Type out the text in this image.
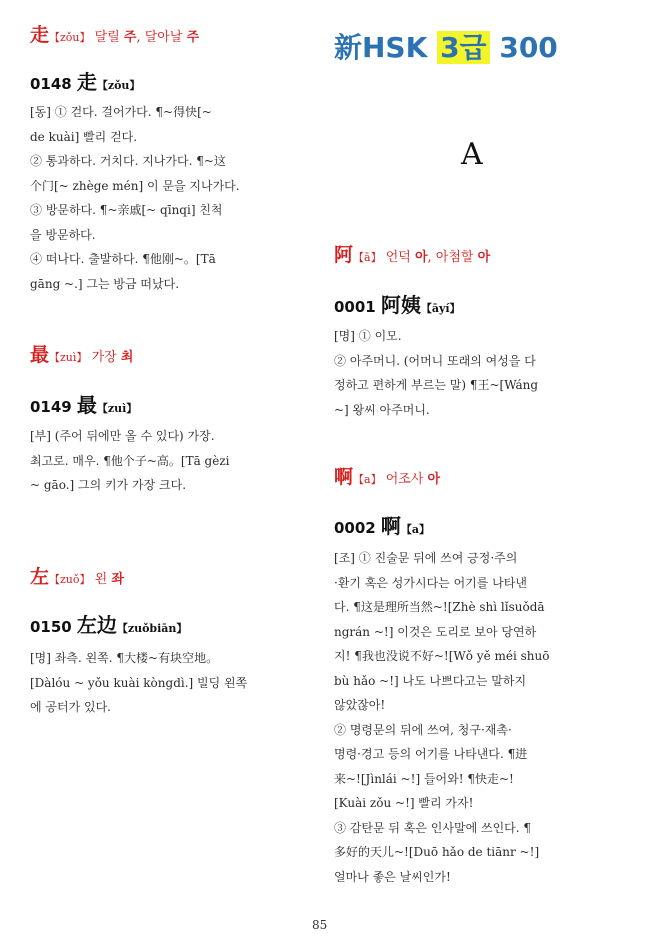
新HSK 3급 300
A
走【zǒu】 달릴 주, 달아날 주
0148 走【zǒu】

[동] ① 걷다. 걸어가다. ¶~得快[~

de kuài] 빨리 걷다.

② 통과하다. 거치다. 지나가다. ¶~这

个门[~ zhège mén] 이 문을 지나가다.

③ 방문하다. ¶~亲戚[~ qīnqi] 친척

을 방문하다.

④ 떠나다. 출발하다. ¶他刚~。[Tā

gāng ~.] 그는 방금 떠났다.

最【zuì】 가장 최
0149 最【zuì】

[부] (주어 뒤에만 올 수 있다) 가장.

최고로. 매우. ¶他个子~高。[Tā gèzi

~ gāo.] 그의 키가 가장 크다.

左【zuǒ】 왼 좌
0150 左边【zuǒbiān】

[명] 좌측. 왼쪽. ¶大楼~有块空地。

[Dàlóu ~ yǒu kuài kòngdì.] 빌딩 왼쪽

에 공터가 있다.

阿【ā】 언덕 아, 아첨할 아
0001 阿姨【āyí】

[명] ① 이모.

② 아주머니. (어머니 또래의 여성을 다

정하고 편하게 부르는 말) ¶王~[Wáng

~] 왕씨 아주머니.

啊【a】 어조사 아
0002 啊【a】

[조] ① 진술문 뒤에 쓰여 긍정·주의

·환기 혹은 성가시다는 어기를 나타낸

다. ¶这是理所当然~![Zhè shì lǐsuǒdā

ngrán ~!] 이것은 도리로 보아 당연하

지! ¶我也没说不好~![Wǒ yě méi shuō

bù hǎo ~!] 나도 나쁘다고는 말하지

않았잖아!

② 명령문의 뒤에 쓰여, 청구·재촉·

명령·경고 등의 어기를 나타낸다. ¶进

来~![Jìnlái ~!] 들어와! ¶快走~!

[Kuài zǒu ~!] 빨리 가자!

③ 감탄문 뒤 혹은 인사말에 쓰인다. ¶

多好的天儿~![Duō hǎo de tiānr ~!]

얼마나 좋은 날씨인가!

85
